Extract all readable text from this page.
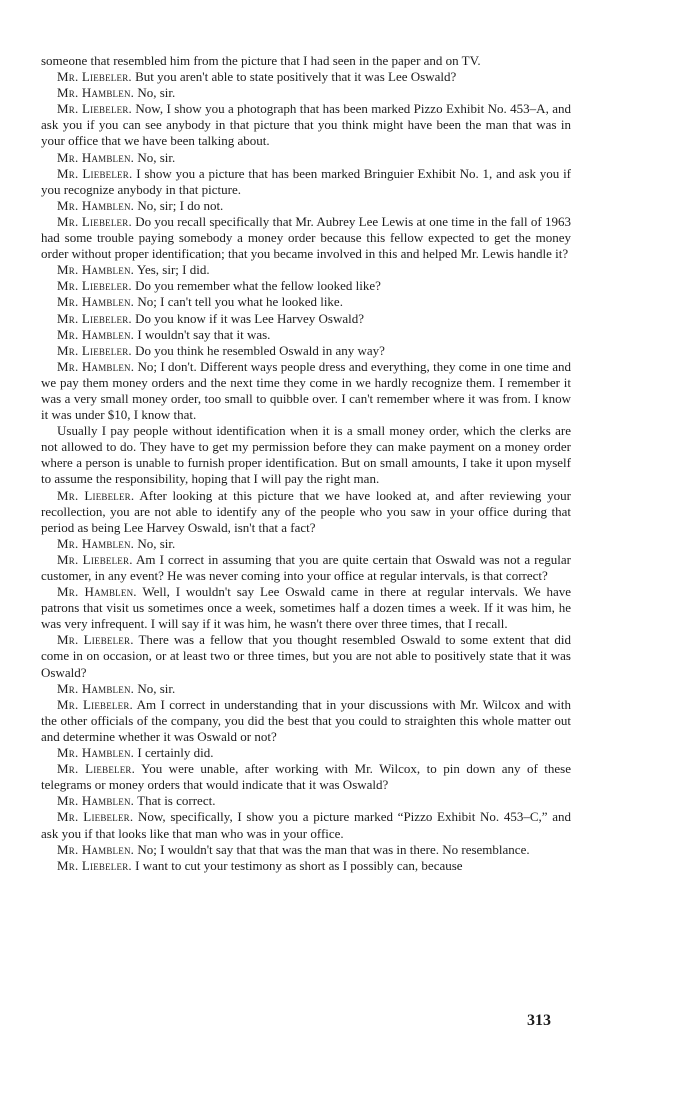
someone that resembled him from the picture that I had seen in the paper and on TV.

Mr. Liebeler. But you aren't able to state positively that it was Lee Oswald?

Mr. Hamblen. No, sir.

Mr. Liebeler. Now, I show you a photograph that has been marked Pizzo Exhibit No. 453–A, and ask you if you can see anybody in that picture that you think might have been the man that was in your office that we have been talking about.

Mr. Hamblen. No, sir.

Mr. Liebeler. I show you a picture that has been marked Bringuier Exhibit No. 1, and ask you if you recognize anybody in that picture.

Mr. Hamblen. No, sir; I do not.

Mr. Liebeler. Do you recall specifically that Mr. Aubrey Lee Lewis at one time in the fall of 1963 had some trouble paying somebody a money order because this fellow expected to get the money order without proper identification; that you became involved in this and helped Mr. Lewis handle it?

Mr. Hamblen. Yes, sir; I did.

Mr. Liebeler. Do you remember what the fellow looked like?

Mr. Hamblen. No; I can't tell you what he looked like.

Mr. Liebeler. Do you know if it was Lee Harvey Oswald?

Mr. Hamblen. I wouldn't say that it was.

Mr. Liebeler. Do you think he resembled Oswald in any way?

Mr. Hamblen. No; I don't. Different ways people dress and everything, they come in one time and we pay them money orders and the next time they come in we hardly recognize them. I remember it was a very small money order, too small to quibble over. I can't remember where it was from. I know it was under $10, I know that.

Usually I pay people without identification when it is a small money order, which the clerks are not allowed to do. They have to get my permission before they can make payment on a money order where a person is unable to furnish proper identification. But on small amounts, I take it upon myself to assume the responsibility, hoping that I will pay the right man.

Mr. Liebeler. After looking at this picture that we have looked at, and after reviewing your recollection, you are not able to identify any of the people who you saw in your office during that period as being Lee Harvey Oswald, isn't that a fact?

Mr. Hamblen. No, sir.

Mr. Liebeler. Am I correct in assuming that you are quite certain that Oswald was not a regular customer, in any event? He was never coming into your office at regular intervals, is that correct?

Mr. Hamblen. Well, I wouldn't say Lee Oswald came in there at regular intervals. We have patrons that visit us sometimes once a week, sometimes half a dozen times a week. If it was him, he was very infrequent. I will say if it was him, he wasn't there over three times, that I recall.

Mr. Liebeler. There was a fellow that you thought resembled Oswald to some extent that did come in on occasion, or at least two or three times, but you are not able to positively state that it was Oswald?

Mr. Hamblen. No, sir.

Mr. Liebeler. Am I correct in understanding that in your discussions with Mr. Wilcox and with the other officials of the company, you did the best that you could to straighten this whole matter out and determine whether it was Oswald or not?

Mr. Hamblen. I certainly did.

Mr. Liebeler. You were unable, after working with Mr. Wilcox, to pin down any of these telegrams or money orders that would indicate that it was Oswald?

Mr. Hamblen. That is correct.

Mr. Liebeler. Now, specifically, I show you a picture marked “Pizzo Exhibit No. 453–C,” and ask you if that looks like that man who was in your office.

Mr. Hamblen. No; I wouldn't say that that was the man that was in there. No resemblance.

Mr. Liebeler. I want to cut your testimony as short as I possibly can, because

313
